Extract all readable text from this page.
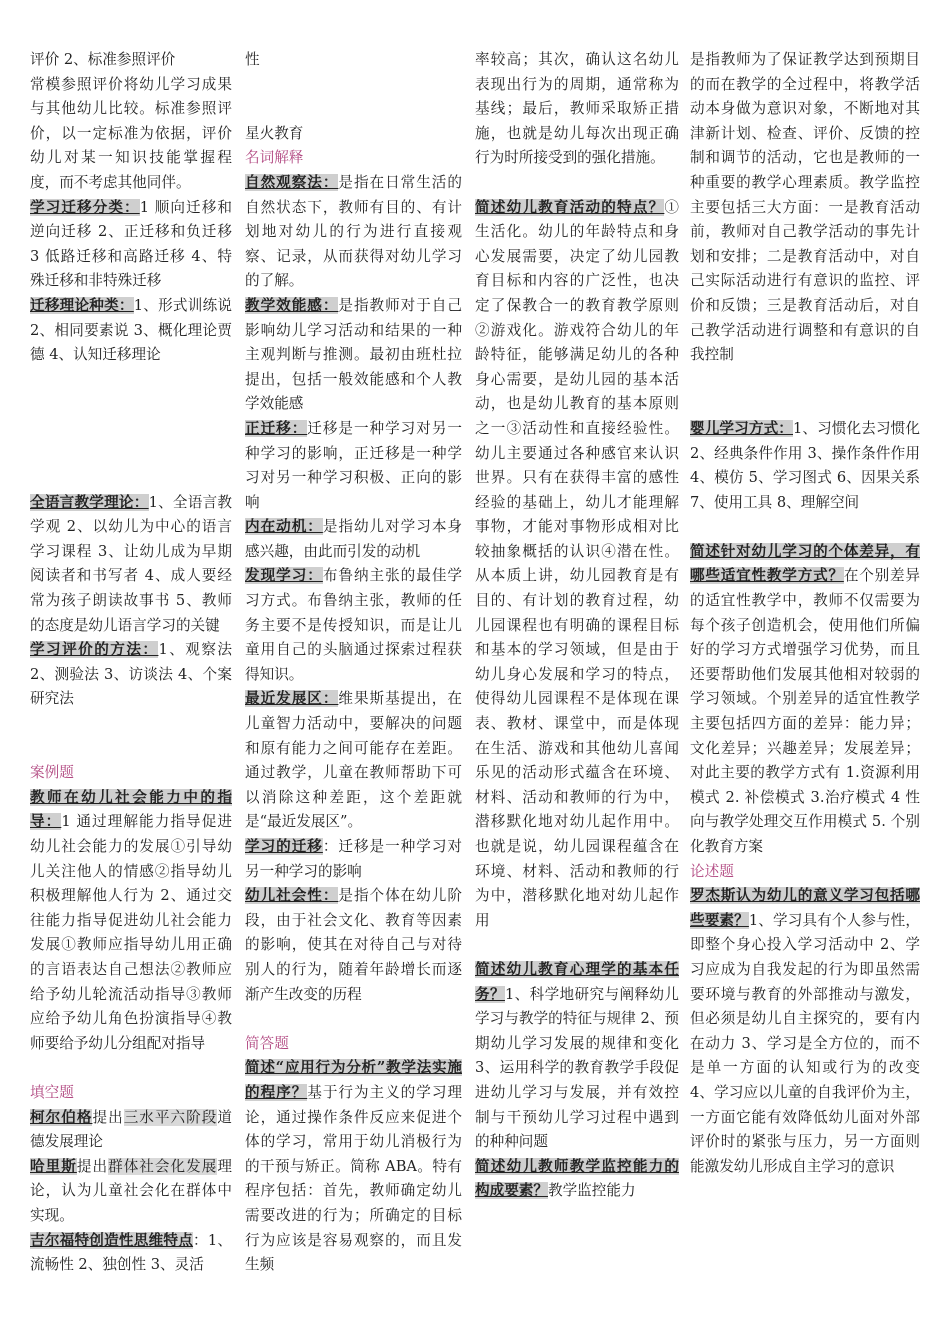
评价 2、标准参照评价

常模参照评价将幼儿学习成果与其他幼儿比较。标准参照评价，以一定标准为依据，评价幼儿对某一知识技能掌握程度，而不考虑其他同伴。

学习迁移分类：1 顺向迁移和逆向迁移 2、正迁移和负迁移 3 低路迁移和高路迁移 4、特殊迁移和非特殊迁移

迁移理论种类：1、形式训练说 2、相同要素说 3、概化理论贾德 4、认知迁移理论

全语言教学理论：1、全语言教学观 2、以幼儿为中心的语言学习课程 3、让幼儿成为早期阅读者和书写者 4、成人要经常为孩子朗读故事书 5、教师的态度是幼儿语言学习的关键

学习评价的方法：1、观察法 2、测验法 3、访谈法 4、个案研究法

案例题

教师在幼儿社会能力中的指导：1 通过理解能力指导促进幼儿社会能力的发展①引导幼儿关注他人的情感②指导幼儿积极理解他人行为 2、通过交往能力指导促进幼儿社会能力发展①教师应指导幼儿用正确的言语表达自己想法②教师应给予幼儿轮流活动指导③教师应给予幼儿角色扮演指导④教师要给予幼儿分组配对指导

填空题

柯尔伯格提出三水平六阶段道德发展理论

哈里斯提出群体社会化发展理论，认为儿童社会化在群体中实现。

吉尔福特创造性思维特点：1、流畅性 2、独创性 3、灵活

性

星火教育

名词解释

自然观察法：是指在日常生活的自然状态下，教师有目的、有计划地对幼儿的行为进行直接观察、记录，从而获得对幼儿学习的了解。

教学效能感：是指教师对于自己影响幼儿学习活动和结果的一种主观判断与推测。最初由班杜拉提出，包括一般效能感和个人教学效能感

正迁移：迁移是一种学习对另一种学习的影响，正迁移是一种学习对另一种学习积极、正向的影响

内在动机：是指幼儿对学习本身感兴趣，由此而引发的动机

发现学习：布鲁纳主张的最佳学习方式。布鲁纳主张，教师的任务主要不是传授知识，而是让儿童用自己的头脑通过探索过程获得知识。

最近发展区：维果斯基提出，在儿童智力活动中，要解决的问题和原有能力之间可能存在差距。通过教学，儿童在教师帮助下可以消除这种差距，这个差距就是“最近发展区”。

学习的迁移：迁移是一种学习对另一种学习的影响

幼儿社会性：是指个体在幼儿阶段，由于社会文化、教育等因素的影响，使其在对待自己与对待别人的行为，随着年龄增长而逐渐产生改变的历程

简答题

简述“应用行为分析”教学法实施的程序？基于行为主义的学习理论，通过操作条件反应来促进个体的学习，常用于幼儿消极行为的干预与矫正。简称 ABA。特有程序包括：首先，教师确定幼儿需要改进的行为；所确定的目标行为应该是容易观察的，而且发生频

率较高；其次，确认这名幼儿表现出行为的周期，通常称为基线；最后，教师采取矫正措施，也就是幼儿每次出现正确行为时所接受到的强化措施。

简述幼儿教育活动的特点？①生活化。幼儿的年龄特点和身心发展需要，决定了幼儿园教育目标和内容的广泛性，也决定了保教合一的教育教学原则②游戏化。游戏符合幼儿的年龄特征，能够满足幼儿的各种身心需要，是幼儿园的基本活动，也是幼儿教育的基本原则之一③活动性和直接经验性。幼儿主要通过各种感官来认识世界。只有在获得丰富的感性经验的基础上，幼儿才能理解事物，才能对事物形成相对比较抽象概括的认识④潜在性。从本质上讲，幼儿园教育是有目的、有计划的教育过程，幼儿园课程也有明确的课程目标和基本的学习领域，但是由于幼儿身心发展和学习的特点，使得幼儿园课程不是体现在课表、教材、课堂中，而是体现在生活、游戏和其他幼儿喜闻乐见的活动形式蕴含在环境、材料、活动和教师的行为中，潜移默化地对幼儿起作用中。也就是说，幼儿园课程蕴含在环境、材料、活动和教师的行为中，潜移默化地对幼儿起作用

简述幼儿教育心理学的基本任务？1、科学地研究与阐释幼儿学习与教学的特征与规律 2、预期幼儿学习发展的规律和变化 3、运用科学的教育教学手段促进幼儿学习与发展，并有效控制与干预幼儿学习过程中遇到的种种问题

简述幼儿教师教学监控能力的构成要素？教学监控能力

是指教师为了保证教学达到预期目的而在教学的全过程中，将教学活动本身做为意识对象，不断地对其津新计划、检查、评价、反馈的控制和调节的活动，它也是教师的一种重要的教学心理素质。教学监控主要包括三大方面：一是教育活动前，教师对自己教学活动的事先计划和安排；二是教育活动中，对自己实际活动进行有意识的监控、评价和反馈；三是教育活动后，对自己教学活动进行调整和有意识的自我控制

婴儿学习方式：1、习惯化去习惯化 2、经典条件作用 3、操作条件作用 4、模仿 5、学习图式 6、因果关系 7、使用工具 8、理解空间

简述针对幼儿学习的个体差异，有哪些适宜性教学方式？在个别差异的适宜性教学中，教师不仅需要为每个孩子创造机会，使用他们所偏好的学习方式增强学习优势，而且还要帮助他们发展其他相对较弱的学习领域。个别差异的适宜性教学主要包括四方面的差异：能力异；文化差异；兴趣差异；发展差异；对此主要的教学方式有 1.资源利用模式 2. 补偿模式 3.治疗模式 4 性向与教学处理交互作用模式 5. 个别化教育方案

论述题

罗杰斯认为幼儿的意义学习包括哪些要素？1、学习具有个人参与性，即整个身心投入学习活动中 2、学习应成为自我发起的行为即虽然需要环境与教育的外部推动与激发，但必须是幼儿自主探究的，要有内在动力 3、学习是全方位的，而不是单一方面的认知或行为的改变 4、学习应以儿童的自我评价为主，一方面它能有效降低幼儿面对外部评价时的紧张与压力，另一方面则能激发幼儿形成自主学习的意识
